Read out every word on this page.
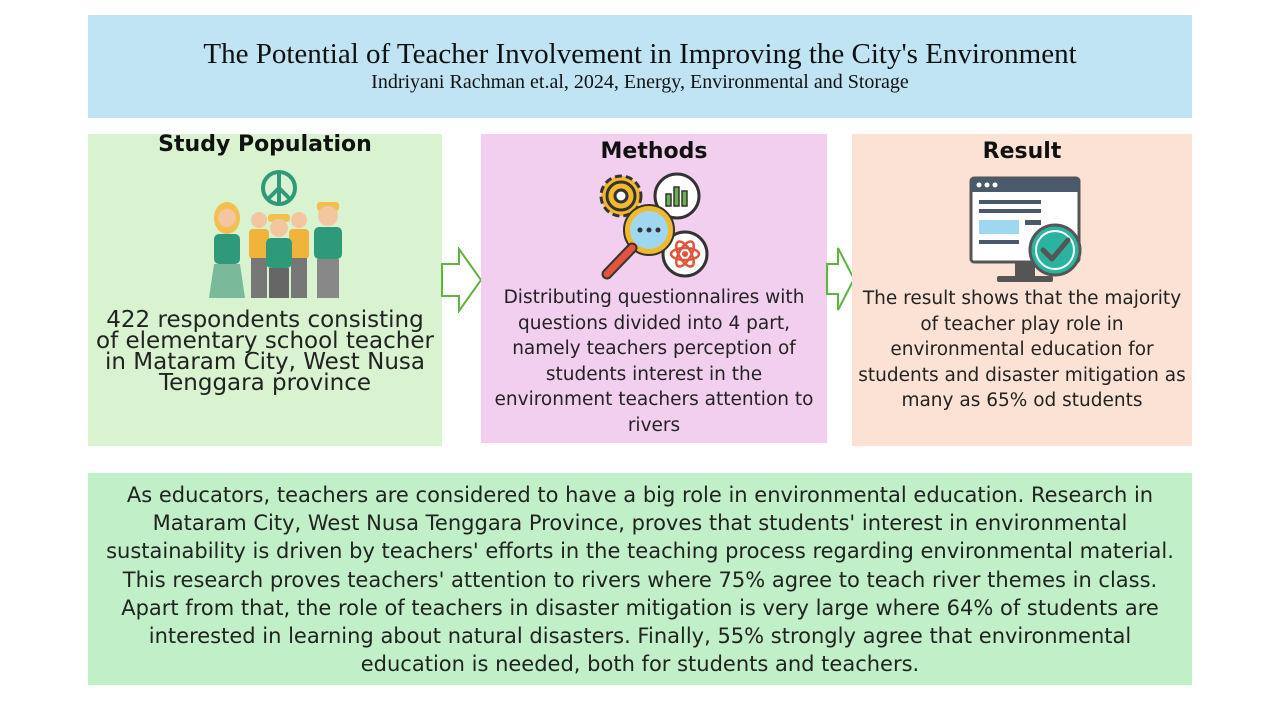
The Potential of Teacher Involvement in Improving the City's Environment
Indriyani Rachman et.al, 2024, Energy, Environmental and Storage
Study Population
422 respondents consisting of elementary school teacher in Mataram City, West Nusa Tenggara province
Methods
Distributing questionnalires with questions divided into 4 part, namely teachers perception of students interest in the environment teachers attention to rivers
Result
The result shows that the majority of teacher play role in environmental education for students and disaster mitigation as many as 65% od students
As educators, teachers are considered to have a big role in environmental education. Research in Mataram City, West Nusa Tenggara Province, proves that students' interest in environmental sustainability is driven by teachers' efforts in the teaching process regarding environmental material. This research proves teachers' attention to rivers where 75% agree to teach river themes in class. Apart from that, the role of teachers in disaster mitigation is very large where 64% of students are interested in learning about natural disasters. Finally, 55% strongly agree that environmental education is needed, both for students and teachers.
